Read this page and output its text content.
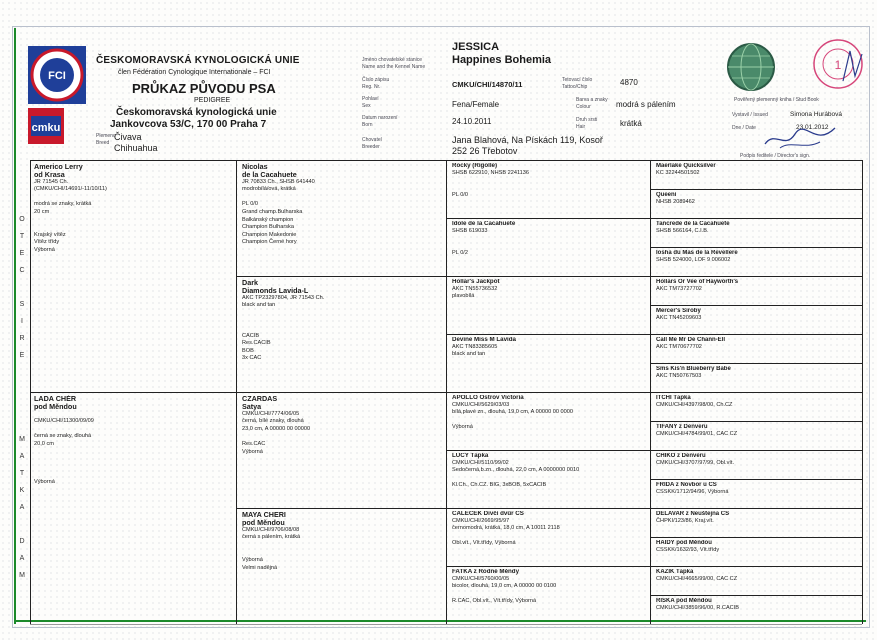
FCI
cmku
ČESKOMORAVSKÁ KYNOLOGICKÁ UNIE
člen Fédération Cynologique Internationale – FCI
PRŮKAZ PŮVODU PSA
PEDIGREE
Českomoravská kynologická unie
Jankovcova 53/C, 170 00 Praha 7
Plemeno
Breed
Čivava
Chihuahua
Jméno chovatelské stanice
Name and the Kennel Name
JESSICA
Happines Bohemia
Číslo zápisu
Reg. Nr.	CMKU/CHI/14870/11	Tetovací číslo
Tattoo/Chip	4870
Pohlaví
Sex	Fena/Female	Barva a znaky
Colour	modrá s pálením
Datum narození
Born	24.10.2011	Druh srsti
Hair	krátká
Chovatel
Breeder
Jana Blahová, Na Pískách 119, Kosoř
252 26 Třebotov
1
Pověřený plemenný kniha / Stud Book
Vystavil / Issued	Simona Hurábová
Dne / Date	23.01.2012
Podpis ředitele / Director's sign.
O
T
E
C

S
I
R
E
M
A
T
K
A

D
A
M
Americo Lerry
od Krasa
JR 71545 Ch.
(CMKU/CHI/14691/-11/10/11)

modrá se znaky, krátká
20 cm

Krajský vítěz
Vítěz třídy
Výborná
LADA CHÉR
pod Měndou

CMKU/CHI/11300/09/09

černá se znaky, dlouhá
20,0 cm

Výborná
Nicolas
de la Cacahuete
JR 70833 Ch., SHSB 641440
modrobílá/ová, krátká

PL 0/0
Grand champ.Bulharska
Balkánský champion
Champion Bulharska
Champion Makedonie
Champion Černé hory
Dark
Diamonds Lavida-L
AKC TP23297804, JR 71543 Ch.
black and tan

CACIB
Res.CACIB
BOB
3x CAC
CZARDAS
Satya
CMKU/CHI/7774/06/05
černá, bílé znaky, dlouhá
23,0 cm, A 00000 00 00000

Res.CAC
Výborná
MAYA CHERI
pod Měndou
CMKU/CHI/9706/08/08
černá s pálením, krátká

Výborná
Velmi nadějná
Rocky (Rigolle)
SHSB 622910, NHSB 2241136

PL 0/0
Idole de la Cacahuete
SHSB 619033

PL 0/2
Hollar's Jackpot
AKC TN55736532
plavobílá
Devine Miss M Lavida
AKC TN83385605
black and tan
APOLLO Ostrov Victoria
CMKU/CHI/5629/03/03
bílá,plavé zn., dlouhá, 19,0 cm, A 00000 00 0000

Výborná
LUCY Ťapka
CMKU/CHI/5110/99/02
Sedočerná,b.zn., dlouhá, 22,0 cm, A 0000000 0010

Kl.Ch., Ch.CZ. BIG, 3xBOB, 5xCACIB
CALEČEK Divčí dvůr CS
CMKU/CHI/2669/95/97
černomodrá, krátká, 18,0 cm, A 10011 2118

Obl.vít., Vít.třídy, Výborná
FATKA z Rodné Měndy
CMKU/CHI/5760/00/05
bicolor, dlouhá, 19,0 cm, A 00000 00 0100

R.CAC, Obl.vít., Vít.třídy, Výborná
Maerlake Quicksilver
KC 32244501502
Queeni
NHSB 2089462
Tancrede de la Cacahuete
SHSB 566164, C.I.B.
Iosha du Mas de la Revellere
SHSB 524000, LOF 9 006002
Hollars Or Vee of Hayworth's
AKC TM73727702
Mercer's Siroby
AKC TN45209603
Call Me Mr De Chann-Ell
AKC TM70677702
Sms Kis'n Blueberry Babe
AKC TN50767503
ITCHI Ťapka
CMKU/CHI/4397/98/00, Ch.CZ
TIFANY z Denveru
CMKU/CHI/4784/99/01, CAC CZ
CHIKO z Denveru
CMKU/CHI/3707/97/99, Obl.vít.
FRÍDA z Novbor u CS
CSSKK/1712/94/96, Výborná
DELAVAR z Neuštejna CS
ČHPKI/123/86, Kraj.vít.
HAIDY pod Měndou
CSSKK/1632/93, Vít.třídy
KAZIK Ťapka
CMKU/CHI/4665/99/00, CAC CZ
RÍŠKA pod Měndou
CMKU/CHI/3859/96/00, R.CACIB
